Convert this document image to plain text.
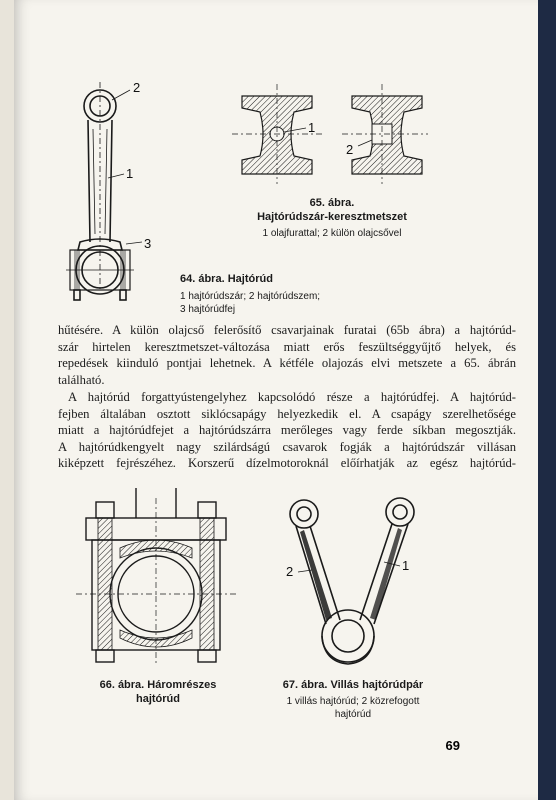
2
1
3
64. ábra. Hajtórúd
1 hajtórúdszár; 2 hajtórúdszem;
3 hajtórúdfej
1
2
65. ábra.
Hajtórúdszár-keresztmetszet
1 olajfurattal; 2 külön olajcsővel
hűtésére. A külön olajcső felerősítő csavarjainak furatai (65b ábra) a hajtórúd-
szár hirtelen keresztmetszet-változása miatt erős feszültséggyűjtő helyek, és
repedések kiinduló pontjai lehetnek. A kétféle olajozás elvi metszete a 65. ábrán
található.
A hajtórúd forgattyústengelyhez kapcsolódó része a hajtórúdfej. A hajtórúd-
fejben általában osztott siklócsapágy helyezkedik el. A csapágy szerelhetősége
miatt a hajtórúdfejet a hajtórúdszárra merőleges vagy ferde síkban megosztják.
A hajtórúdkengyelt nagy szilárdságú csavarok fogják a hajtórúdszár villásan
kiképzett fejrészéhez. Korszerű dízelmotoroknál előírhatják az egész hajtórúd-
66. ábra. Háromrészes
hajtórúd
2	1
67. ábra. Villás hajtórúdpár
1 villás hajtórúd; 2 közrefogott
hajtórúd
69
